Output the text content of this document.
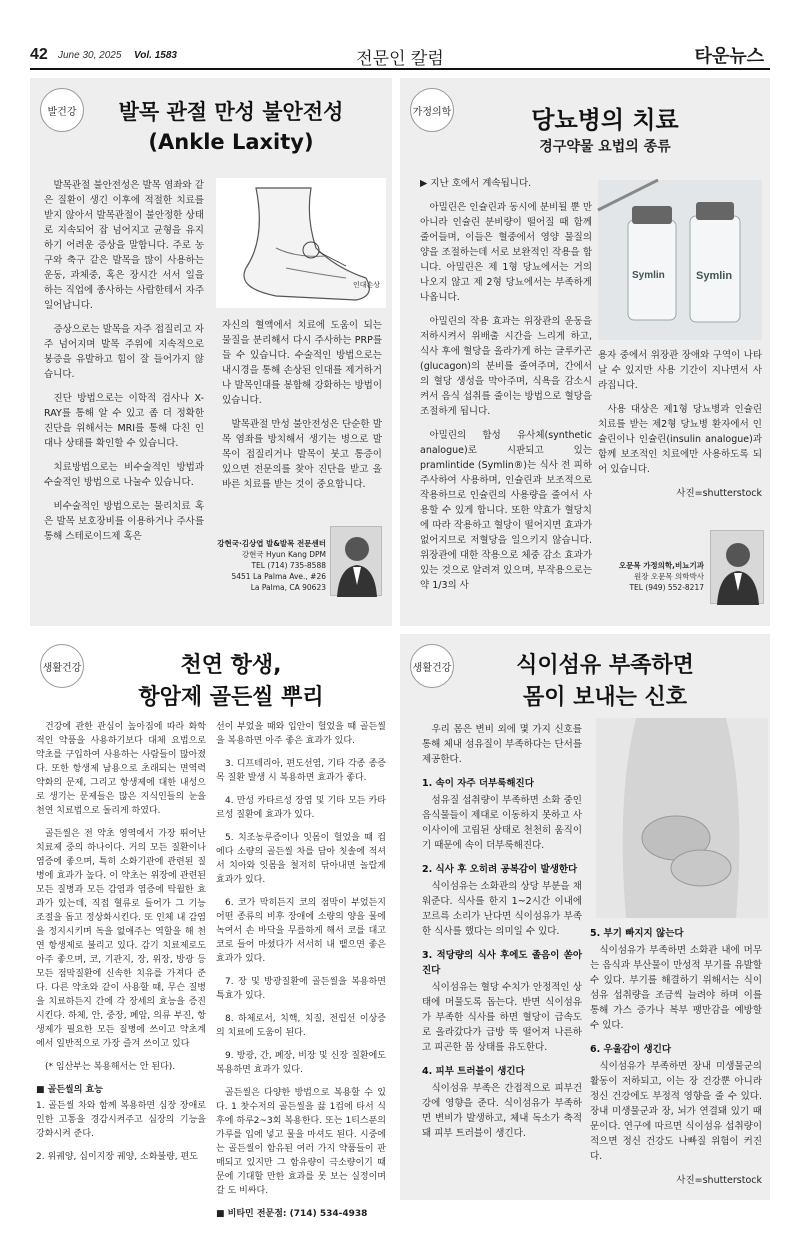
42 June 30, 2025 Vol. 1583	전문인 칼럼	타운뉴스
발건강	발목 관절 만성 불안전성
(Ankle Laxity)

발목관절 불안전성은 발목 염좌와 같은 질환이 생긴 이후에 적절한 치료를 받지 않아서 발목관절이 불안정한 상태로 지속되어 잡 넘어지고 균형을 유지하기 어려운 증상을 말합니다. 주로 농구와 축구 같은 발목을 많이 사용하는 운동, 과체중, 혹은 장시간 서서 일을 하는 직업에 종사하는 사람한테서 자주 일어납니다.

증상으로는 발목을 자주 접질리고 자주 넘어지며 발목 주위에 지속적으로 붕증을 유발하고 힘이 잘 들어가지 않습니다.

진단 방법으로는 이학적 검사나 X-RAY를 통해 알 수 있고 좀 더 정확한 진단을 위해서는 MRI를 통해 다친 인대나 상태를 확인할 수 있습니다.

치료방법으로는 비수술적인 방법과 수술적인 방법으로 나눌수 있습니다.

비수술적인 방법으로는 물리치료 혹은 발목 보호장비를 이용하거나 주사를 통해 스테로이드제 혹은

인대손상

자신의 혈액에서 치료에 도움이 되는 물질을 분리해서 다시 주사하는 PRP를 들 수 있습니다. 수술적인 방법으로는 내시경을 통해 손상된 인대를 제거하거나 발목인대를 봉합해 강화하는 방법이 있습니다.

발목관절 만성 불안전성은 단순한 발목 염좌를 방치해서 생기는 병으로 발목이 접질리거나 발목이 붓고 통증이 있으면 전문의를 찾아 진단을 받고 올바른 치료를 받는 것이 중요합니다.

강현국·김상엽 발&발목 전문센터
강현국 Hyun Kang DPM
TEL (714) 735-8588
5451 La Palma Ave., #26
La Palma, CA 90623
가정의학	당뇨병의 치료
경구약물 요법의 종류

▶ 지난 호에서 계속됩니다.

아밀린은 인슐린과 동시에 분비될 뿐 만 아니라 인슐린 분비량이 떨어질 때 함께 줄어들며, 이들은 혈중에서 영양 물질의 양을 조절하는데 서로 보완적인 작용을 합니다. 아밀린은 제 1형 당뇨에서는 거의 나오지 않고 제 2형 당뇨에서는 부족하게 나옵니다.

아밀린의 작용 효과는 위장관의 운동을 저하시켜서 위배출 시간을 느리게 하고, 식사 후에 혈당을 올라가게 하는 글루카곤(glucagon)의 분비를 줄여주며, 간에서의 혈당 생성을 막아주며, 식욕을 감소시켜서 음식 섭취를 줄이는 방법으로 혈당을 조절하게 됩니다.

아밀린의 합성 유사체(synthetic analogue)로 시판되고 있는 pramlintide (Symlin®)는 식사 전 피하주사하여 사용하며, 인슐린과 보조적으로 작용하므로 인슐린의 사용량을 줄여서 사용할 수 있게 합니다. 또한 약효가 혈당치에 따라 작용하고 혈당이 떨어지면 효과가 없어지므로 저혈당을 일으키지 않습니다. 위장관에 대한 작용으로 체중 감소 효과가 있는 것으로 알려져 있으며, 부작용으로는 약 1/3의 사

Symlin	Symlin

용자 중에서 위장관 장애와 구역이 나타날 수 있지만 사용 기간이 지나면서 사라집니다.

사용 대상은 제1형 당뇨병과 인슐린 치료를 받는 제2형 당뇨병 환자에서 인슐린이나 인슐린(insulin analogue)과 함께 보조적인 치료에만 사용하도록 되어 있습니다.

사진=shutterstock

오문목 가정의학,비뇨기과
원장 오문목 의학박사
TEL (949) 552-8217
생활건강	천연 항생,
항암제 골든씰 뿌리

건강에 관한 관심이 높아짐에 따라 화학적인 약품을 사용하기보다 대체 요법으로 약초를 구입하여 사용하는 사람들이 많아졌다. 또한 항생제 남용으로 초래되는 면역력 약화의 문제, 그리고 항생제에 대한 내성으로 생기는 문제들은 많은 지식인들의 눈을 천연 치료법으로 돌리게 하였다.

골든씰은 전 약초 영역에서 가장 뛰어난 치료제 중의 하나이다. 거의 모든 질환이나 염증에 좋으며, 특히 소화기관에 관련된 질병에 효과가 높다. 이 약초는 위장에 관련된 모든 질병과 모든 감염과 염증에 탁월한 효과가 있는데, 직접 혈류로 들어가 그 기능 조절을 돕고 정상화시킨다. 또 인체 내 감염을 정지시키며 독을 없애주는 역할을 해 천연 항생제로 불리고 있다. 감기 치료제로도 아주 좋으며, 코, 기관지, 장, 위장, 방광 등 모든 점막질환에 신속한 치유를 가져다 준다. 다른 약초와 같이 사용할 때, 무슨 질병을 치료하든지 간에 각 장세의 효능을 증진시킨다. 하체, 안, 중장, 폐암, 의류 부진, 항생제가 필요한 모든 질병에 쓰이고 약초계에서 일반적으로 가장 즐겨 쓰이고 있다

(* 임산부는 복용해서는 안 된다).

■ 골든씰의 효능

1. 골든씰 차와 함께 복용하면 심장 장애로 인한 고통을 경감시켜주고 심장의 기능을 강화시켜 준다.

2. 위궤양, 십이지장 궤양, 소화불량, 편도

선이 부었을 때와 입안이 헐었을 때 골든씰을 복용하면 아주 좋은 효과가 있다.

3. 디프테리아, 편도선염, 기타 각종 종증 목 질환 발생 시 복용하면 효과가 좋다.

4. 만성 카타르성 장염 및 기타 모든 카타르성 질환에 효과가 있다.

5. 치조농루증이나 잇몸이 헐었을 때 컵에다 소량의 골든씰 차를 담아 칫솔에 적셔서 치아와 잇몸을 철저히 닦아내면 놀랍게 효과가 있다.

6. 코가 막히든지 코의 점막이 부었든지 어떤 종류의 비후 장애에 소량의 양을 물에 녹여서 손 바닥을 무릎하게 해서 코를 대고 코로 들어 마셨다가 서서히 내 뱉으면 좋은 효과가 있다.

7. 장 및 방광질환에 골든씰을 복용하면 특효가 있다.

8. 하체로서, 치핵, 치질, 전립선 이상증의 치료에 도움이 된다.

9. 방광, 간, 폐장, 비장 및 신장 질환에도 복용하면 효과가 있다.

골든씰은 다양한 방법으로 복용할 수 있다. 1 찻수저의 골든씰을 끓 1컵에 타서 식후에 하루2~3회 복용한다. 또는 1티스푼의 가루를 입에 넣고 물을 마셔도 된다. 시중에는 골든씰이 함유된 여러 가지 약품들이 판매되고 있지만 그 함유량이 극소량이기 때문에 기대할 만한 효과를 못 보는 실정이며 갈 도 비싸다.

■ 비타민 전문점: (714) 534-4938

생활건강	식이섬유 부족하면
몸이 보내는 신호

우리 몸은 변비 외에 몇 가지 신호를 통해 체내 섬유질이 부족하다는 단서를 제공한다.

1. 속이 자주 더부룩해진다

섬유질 섭취량이 부족하면 소화 중인 음식물들이 제대로 이동하지 못하고 사이사이에 고립된 상태로 천천히 움직이기 때문에 속이 더부룩해진다.

2. 식사 후 오히려 공복감이 발생한다

식이섬유는 소화관의 상당 부분을 채워준다. 식사를 한지 1~2시간 이내에 꼬르륵 소리가 난다면 식이섬유가 부족한 식사를 했다는 의미일 수 있다.

3. 적당량의 식사 후에도 졸음이 쏟아진다

식이섬유는 혈당 수치가 안정적인 상태에 머물도록 돕는다. 반면 식이섬유가 부족한 식사를 하면 혈당이 급속도로 올라갔다가 급방 뚝 떨어져 나른하고 피곤한 몸 상태를 유도한다.

4. 피부 트러블이 생긴다

식이섬유 부족은 간접적으로 피부건강에 영향을 준다. 식이섬유가 부족하면 변비가 발생하고, 체내 독소가 축적돼 피부 트러블이 생긴다.

5. 부기 빠지지 않는다

식이섬유가 부족하면 소화관 내에 머무는 음식과 부산물이 만성적 부기를 유발할 수 있다. 부기를 해결하기 위해서는 식이섬유 섭취량을 조금씩 늘려야 하며 이를 통해 가스 증가나 복부 팽만감을 예방할 수 있다.

6. 우울감이 생긴다

식이섬유가 부족하면 장내 미생물군의 활동이 저하되고, 이는 장 건강뿐 아니라 정신 건강에도 부정적 영향을 줄 수 있다. 장내 미생물군과 장, 뇌가 연결돼 있기 때문이다. 연구에 따르면 식이섬유 섭취량이 적으면 정신 건강도 나빠질 위험이 커진다.

사진=shutterstock
